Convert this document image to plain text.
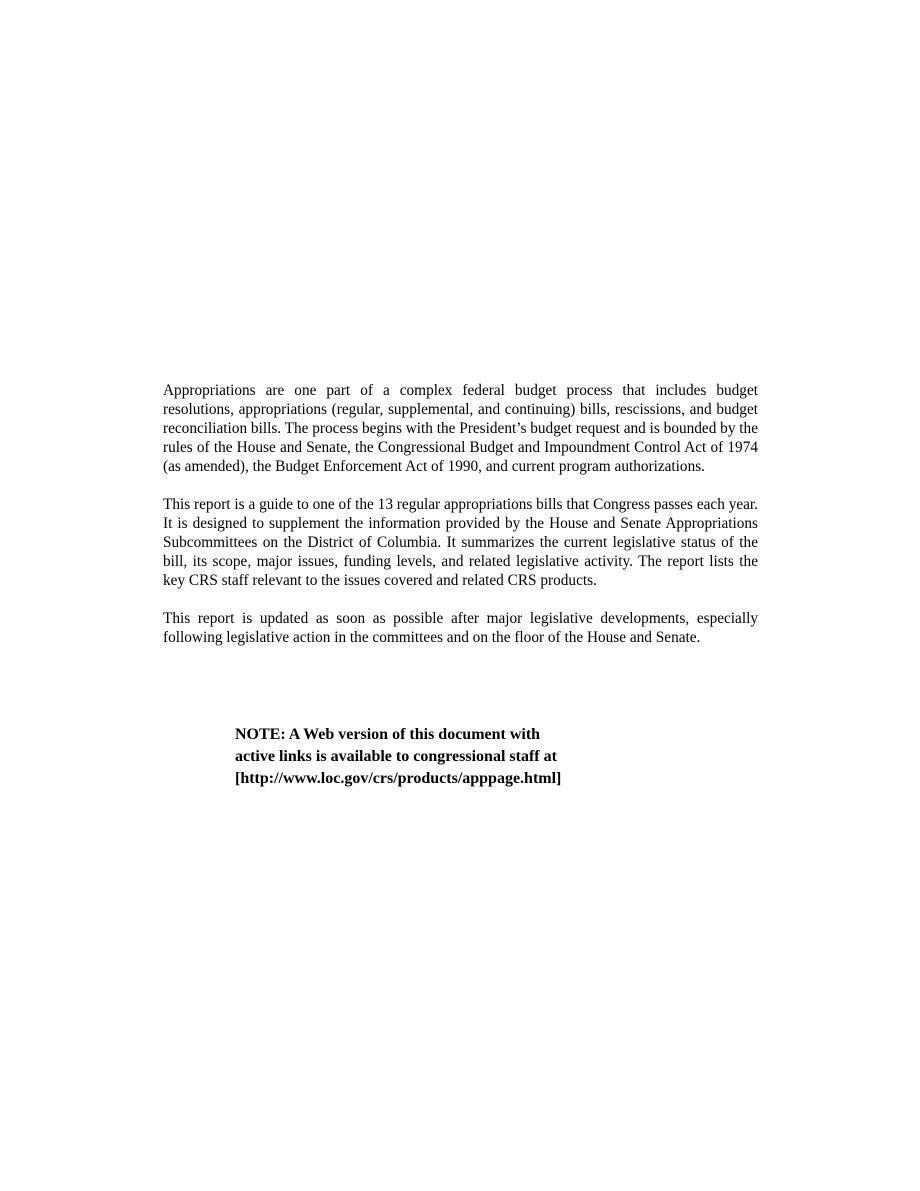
Appropriations are one part of a complex federal budget process that includes budget resolutions, appropriations (regular, supplemental, and continuing) bills, rescissions, and budget reconciliation bills. The process begins with the President’s budget request and is bounded by the rules of the House and Senate, the Congressional Budget and Impoundment Control Act of 1974 (as amended), the Budget Enforcement Act of 1990, and current program authorizations.

This report is a guide to one of the 13 regular appropriations bills that Congress passes each year. It is designed to supplement the information provided by the House and Senate Appropriations Subcommittees on the District of Columbia. It summarizes the current legislative status of the bill, its scope, major issues, funding levels, and related legislative activity. The report lists the key CRS staff relevant to the issues covered and related CRS products.

This report is updated as soon as possible after major legislative developments, especially following legislative action in the committees and on the floor of the House and Senate.

NOTE: A Web version of this document with
active links is available to congressional staff at
[http://www.loc.gov/crs/products/apppage.html]
